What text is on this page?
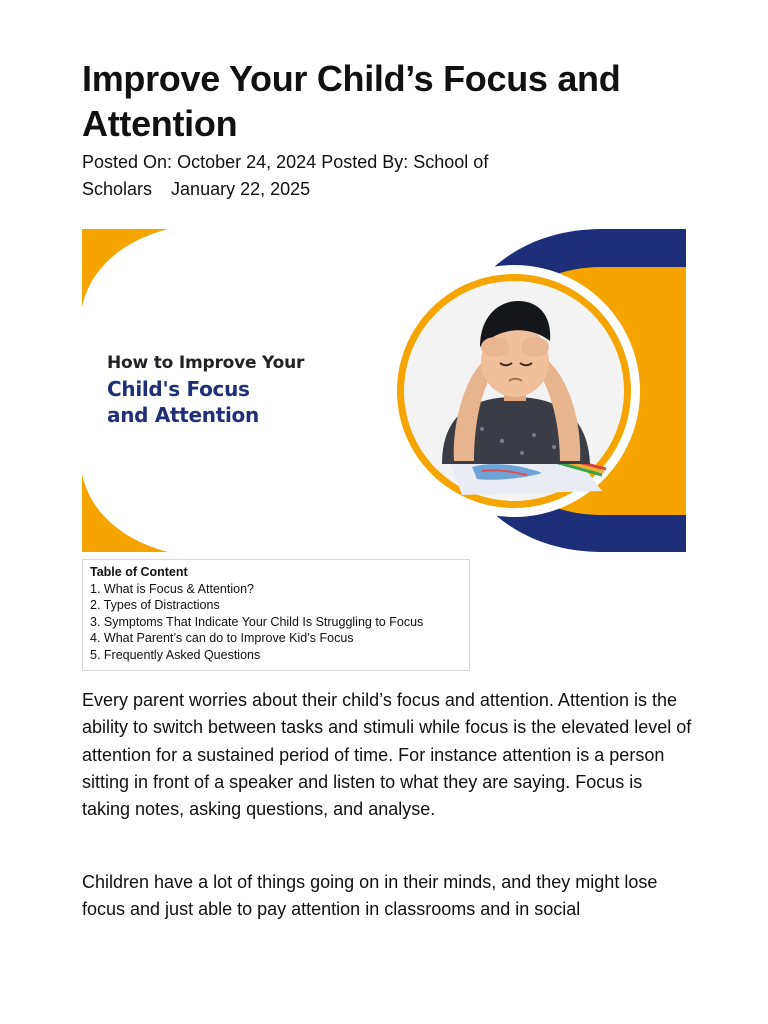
Improve Your Child’s Focus and Attention
Posted On: October 24, 2024 Posted By: School of Scholars January 22, 2025
How to Improve Your
Child's Focus
and Attention
Table of Content
1. What is Focus & Attention?
2. Types of Distractions
3. Symptoms That Indicate Your Child Is Struggling to Focus
4. What Parent’s can do to Improve Kid’s Focus
5. Frequently Asked Questions

Every parent worries about their child’s focus and attention. Attention is the ability to switch between tasks and stimuli while focus is the elevated level of attention for a sustained period of time. For instance attention is a person sitting in front of a speaker and listen to what they are saying. Focus is taking notes, asking questions, and analyse.

Children have a lot of things going on in their minds, and they might lose focus and just able to pay attention in classrooms and in social
